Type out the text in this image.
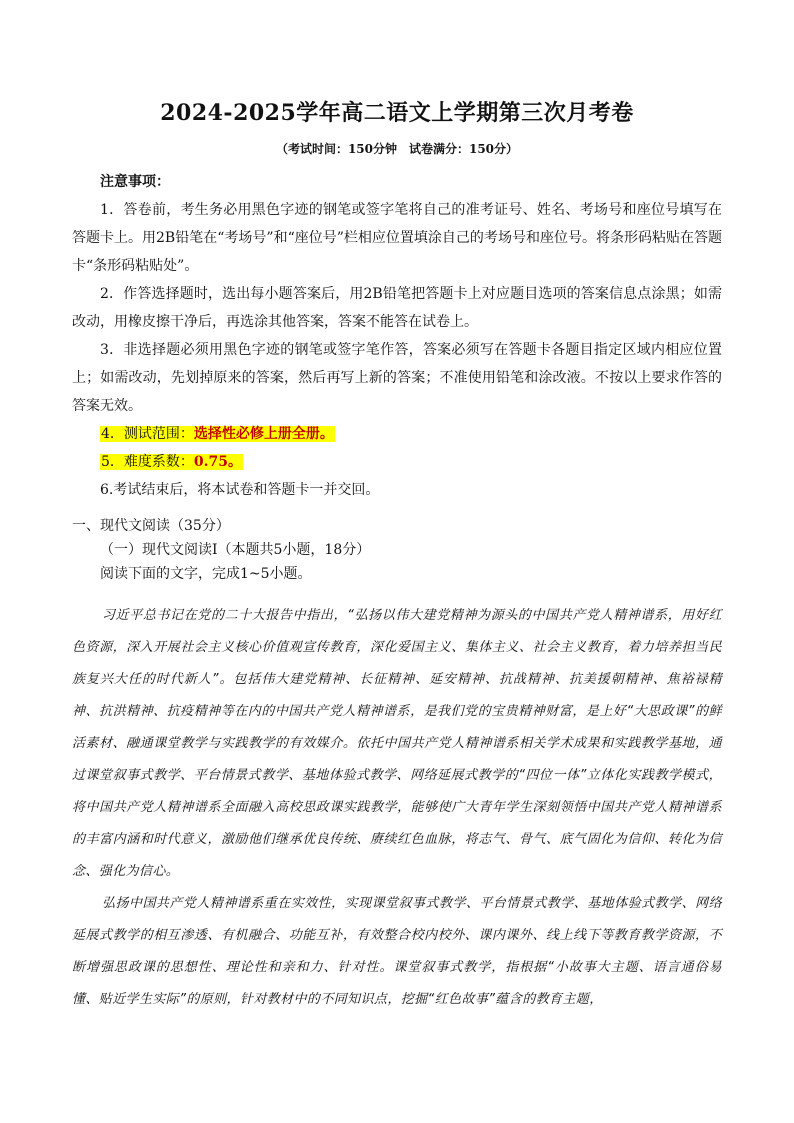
2024-2025学年高二语文上学期第三次月考卷
（考试时间：150分钟　试卷满分：150分）

注意事项：

1．答卷前，考生务必用黑色字迹的钢笔或签字笔将自己的准考证号、姓名、考场号和座位号填写在答题卡上。用2B铅笔在“考场号”和“座位号”栏相应位置填涂自己的考场号和座位号。将条形码粘贴在答题卡“条形码粘贴处”。

2．作答选择题时，选出每小题答案后，用2B铅笔把答题卡上对应题目选项的答案信息点涂黑；如需改动，用橡皮擦干净后，再选涂其他答案，答案不能答在试卷上。

3．非选择题必须用黑色字迹的钢笔或签字笔作答，答案必须写在答题卡各题目指定区域内相应位置上；如需改动，先划掉原来的答案，然后再写上新的答案；不准使用铅笔和涂改液。不按以上要求作答的答案无效。

4．测试范围：选择性必修上册全册。

5．难度系数：0.75。

6.考试结束后，将本试卷和答题卡一并交回。

一、现代文阅读（35分）

（一）现代文阅读Ⅰ（本题共5小题，18分）

阅读下面的文字，完成1~5小题。

习近平总书记在党的二十大报告中指出，“弘扬以伟大建党精神为源头的中国共产党人精神谱系，用好红色资源，深入开展社会主义核心价值观宣传教育，深化爱国主义、集体主义、社会主义教育，着力培养担当民族复兴大任的时代新人”。包括伟大建党精神、长征精神、延安精神、抗战精神、抗美援朝精神、焦裕禄精神、抗洪精神、抗疫精神等在内的中国共产党人精神谱系，是我们党的宝贵精神财富，是上好“大思政课”的鲜活素材、融通课堂教学与实践教学的有效媒介。依托中国共产党人精神谱系相关学术成果和实践教学基地，通过课堂叙事式教学、平台情景式教学、基地体验式教学、网络延展式教学的“四位一体”立体化实践教学模式，将中国共产党人精神谱系全面融入高校思政课实践教学，能够使广大青年学生深刻领悟中国共产党人精神谱系的丰富内涵和时代意义，激励他们继承优良传统、赓续红色血脉，将志气、骨气、底气固化为信仰、转化为信念、强化为信心。

弘扬中国共产党人精神谱系重在实效性，实现课堂叙事式教学、平台情景式教学、基地体验式教学、网络延展式教学的相互渗透、有机融合、功能互补，有效整合校内校外、课内课外、线上线下等教育教学资源，不断增强思政课的思想性、理论性和亲和力、针对性。课堂叙事式教学，指根据“小故事大主题、语言通俗易懂、贴近学生实际”的原则，针对教材中的不同知识点，挖掘“红色故事”蕴含的教育主题，
